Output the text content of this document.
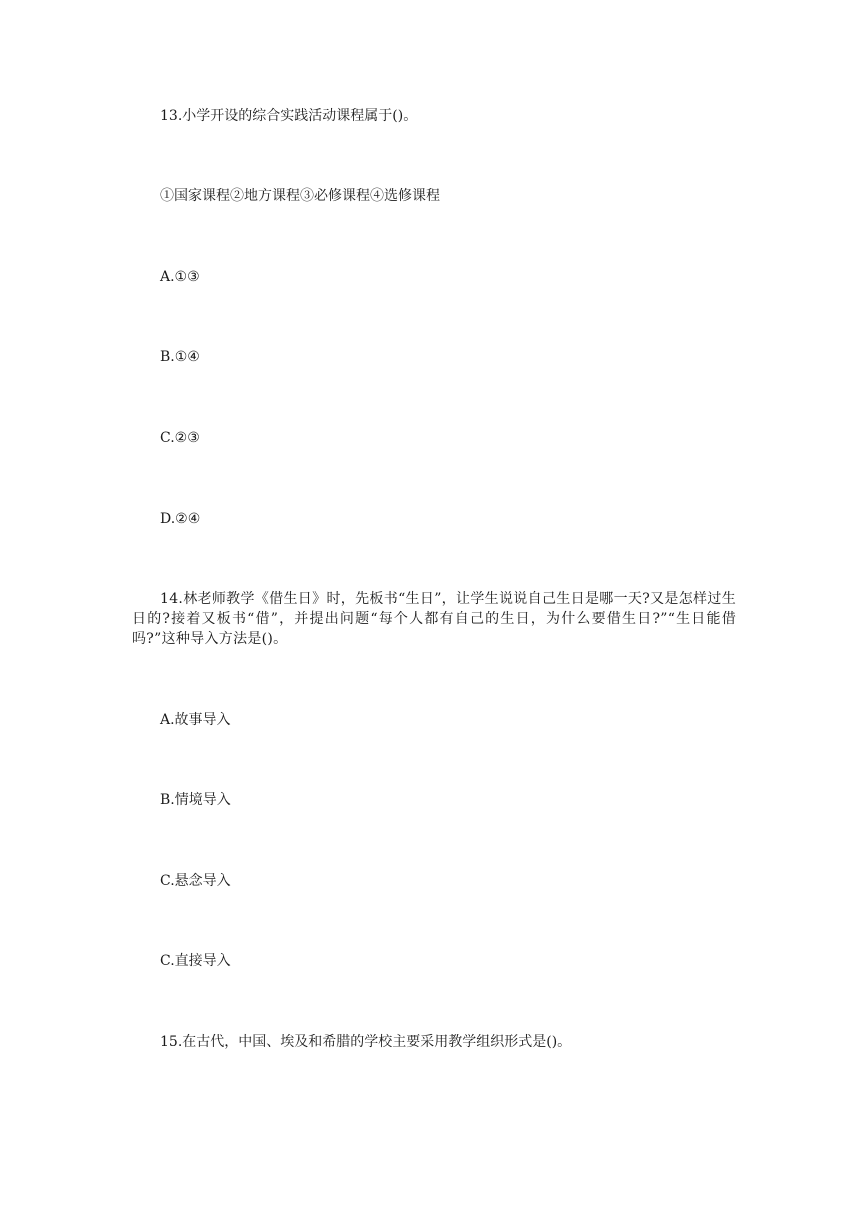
13.小学开设的综合实践活动课程属于()。
①国家课程②地方课程③必修课程④选修课程
A.①③
B.①④
C.②③
D.②④
14.林老师教学《借生日》时，先板书“生日”，让学生说说自己生日是哪一天?又是怎样过生日的?接着又板书“借”，并提出问题“每个人都有自己的生日，为什么要借生日?”“生日能借吗?”这种导入方法是()。
A.故事导入
B.情境导入
C.悬念导入
C.直接导入
15.在古代，中国、埃及和希腊的学校主要采用教学组织形式是()。
